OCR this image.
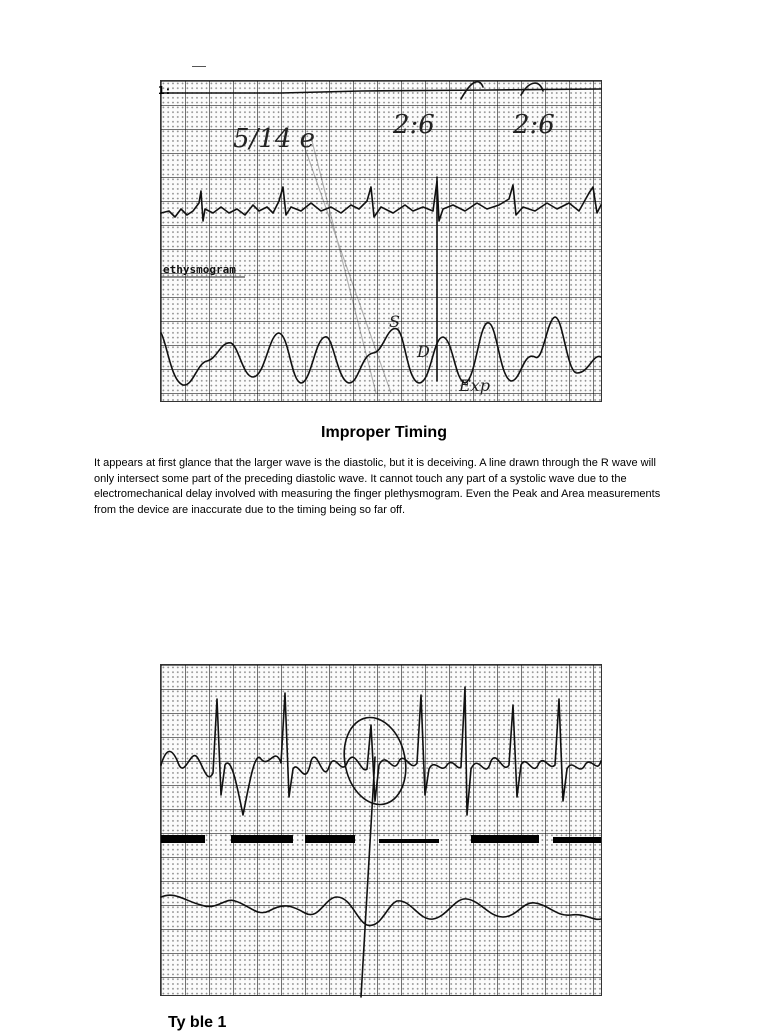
5/14 e	2:6	2:6
ethysmogram
S
D
Exp
1:
Improper Timing

It appears at first glance that the larger wave is the diastolic, but it is deceiving. A line drawn through the R wave will only intersect some part of the preceding diastolic wave. It cannot touch any part of a systolic wave due to the electromechanical delay involved with measuring the finger plethysmogram. Even the Peak and Area measurements from the device are inaccurate due to the timing being so far off.

Ty ble 1
